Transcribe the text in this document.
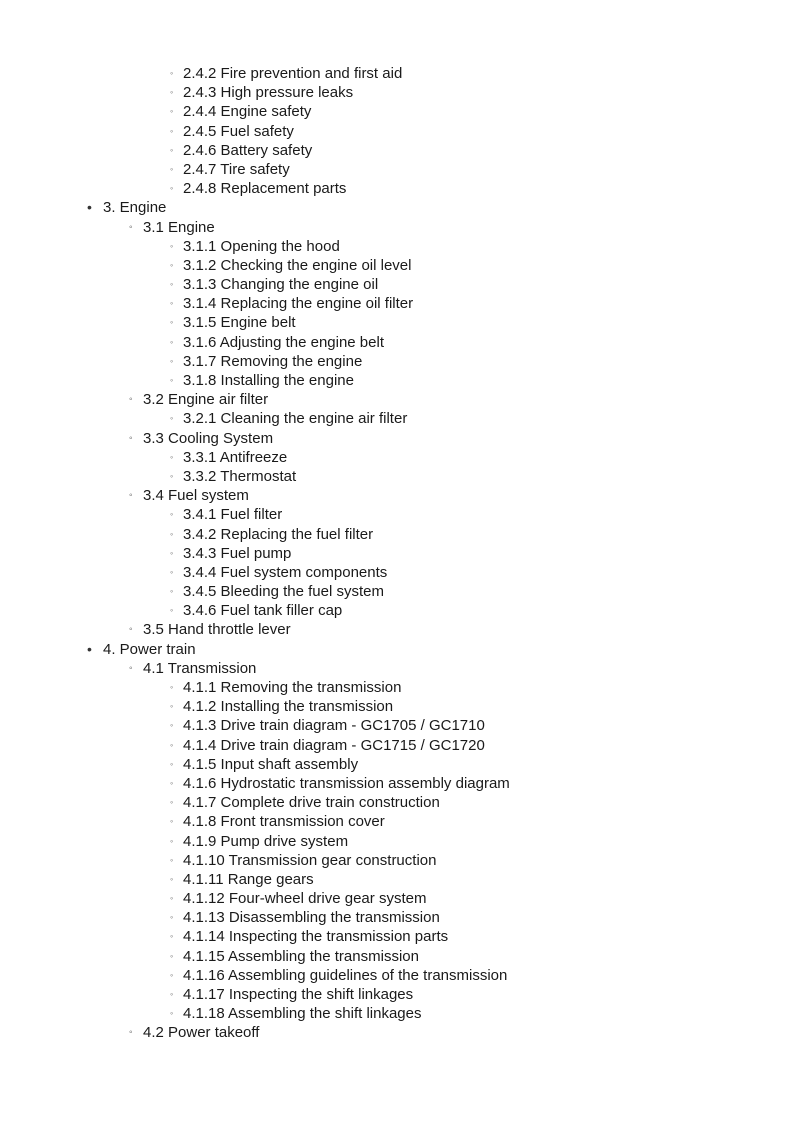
◦ 2.4.2 Fire prevention and first aid
◦ 2.4.3 High pressure leaks
◦ 2.4.4 Engine safety
◦ 2.4.5 Fuel safety
◦ 2.4.6 Battery safety
◦ 2.4.7 Tire safety
◦ 2.4.8 Replacement parts
• 3. Engine
◦ 3.1 Engine
◦ 3.1.1 Opening the hood
◦ 3.1.2 Checking the engine oil level
◦ 3.1.3 Changing the engine oil
◦ 3.1.4 Replacing the engine oil filter
◦ 3.1.5 Engine belt
◦ 3.1.6 Adjusting the engine belt
◦ 3.1.7 Removing the engine
◦ 3.1.8 Installing the engine
◦ 3.2 Engine air filter
◦ 3.2.1 Cleaning the engine air filter
◦ 3.3 Cooling System
◦ 3.3.1 Antifreeze
◦ 3.3.2 Thermostat
◦ 3.4 Fuel system
◦ 3.4.1 Fuel filter
◦ 3.4.2 Replacing the fuel filter
◦ 3.4.3 Fuel pump
◦ 3.4.4 Fuel system components
◦ 3.4.5 Bleeding the fuel system
◦ 3.4.6 Fuel tank filler cap
◦ 3.5 Hand throttle lever
• 4. Power train
◦ 4.1 Transmission
◦ 4.1.1 Removing the transmission
◦ 4.1.2 Installing the transmission
◦ 4.1.3 Drive train diagram - GC1705 / GC1710
◦ 4.1.4 Drive train diagram - GC1715 / GC1720
◦ 4.1.5 Input shaft assembly
◦ 4.1.6 Hydrostatic transmission assembly diagram
◦ 4.1.7 Complete drive train construction
◦ 4.1.8 Front transmission cover
◦ 4.1.9 Pump drive system
◦ 4.1.10 Transmission gear construction
◦ 4.1.11 Range gears
◦ 4.1.12 Four-wheel drive gear system
◦ 4.1.13 Disassembling the transmission
◦ 4.1.14 Inspecting the transmission parts
◦ 4.1.15 Assembling the transmission
◦ 4.1.16 Assembling guidelines of the transmission
◦ 4.1.17 Inspecting the shift linkages
◦ 4.1.18 Assembling the shift linkages
◦ 4.2 Power takeoff
